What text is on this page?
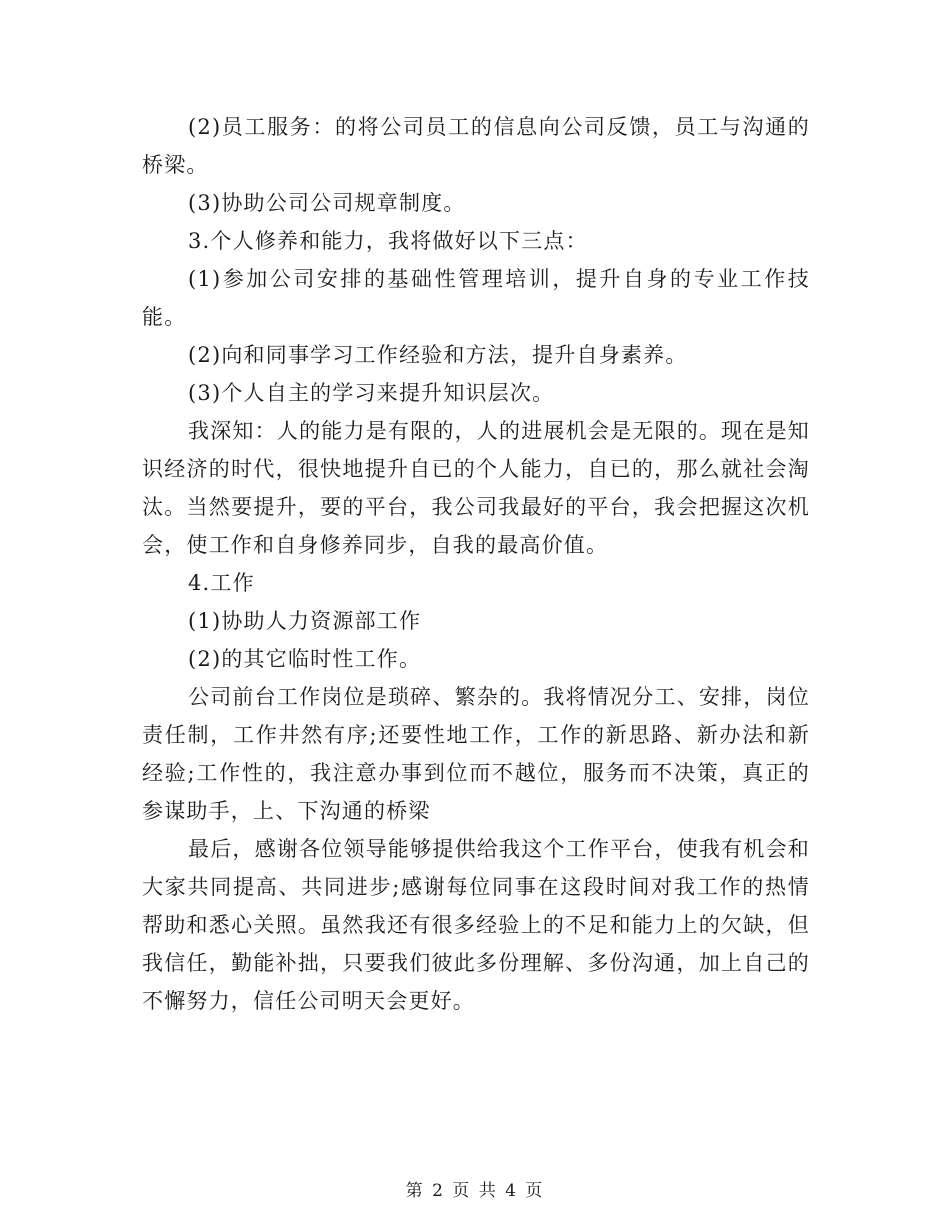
(2)员工服务：的将公司员工的信息向公司反馈，员工与沟通的桥梁。

(3)协助公司公司规章制度。

3.个人修养和能力，我将做好以下三点：

(1)参加公司安排的基础性管理培训，提升自身的专业工作技能。

(2)向和同事学习工作经验和方法，提升自身素养。

(3)个人自主的学习来提升知识层次。

我深知：人的能力是有限的，人的进展机会是无限的。现在是知识经济的时代，很快地提升自已的个人能力，自已的，那么就社会淘汰。当然要提升，要的平台，我公司我最好的平台，我会把握这次机会，使工作和自身修养同步，自我的最高价值。

4.工作

(1)协助人力资源部工作

(2)的其它临时性工作。

公司前台工作岗位是琐碎、繁杂的。我将情况分工、安排，岗位责任制，工作井然有序;还要性地工作，工作的新思路、新办法和新经验;工作性的，我注意办事到位而不越位，服务而不决策，真正的参谋助手，上、下沟通的桥梁

最后，感谢各位领导能够提供给我这个工作平台，使我有机会和大家共同提高、共同进步;感谢每位同事在这段时间对我工作的热情帮助和悉心关照。虽然我还有很多经验上的不足和能力上的欠缺，但我信任，勤能补拙，只要我们彼此多份理解、多份沟通，加上自己的不懈努力，信任公司明天会更好。

第 2 页 共 4 页
